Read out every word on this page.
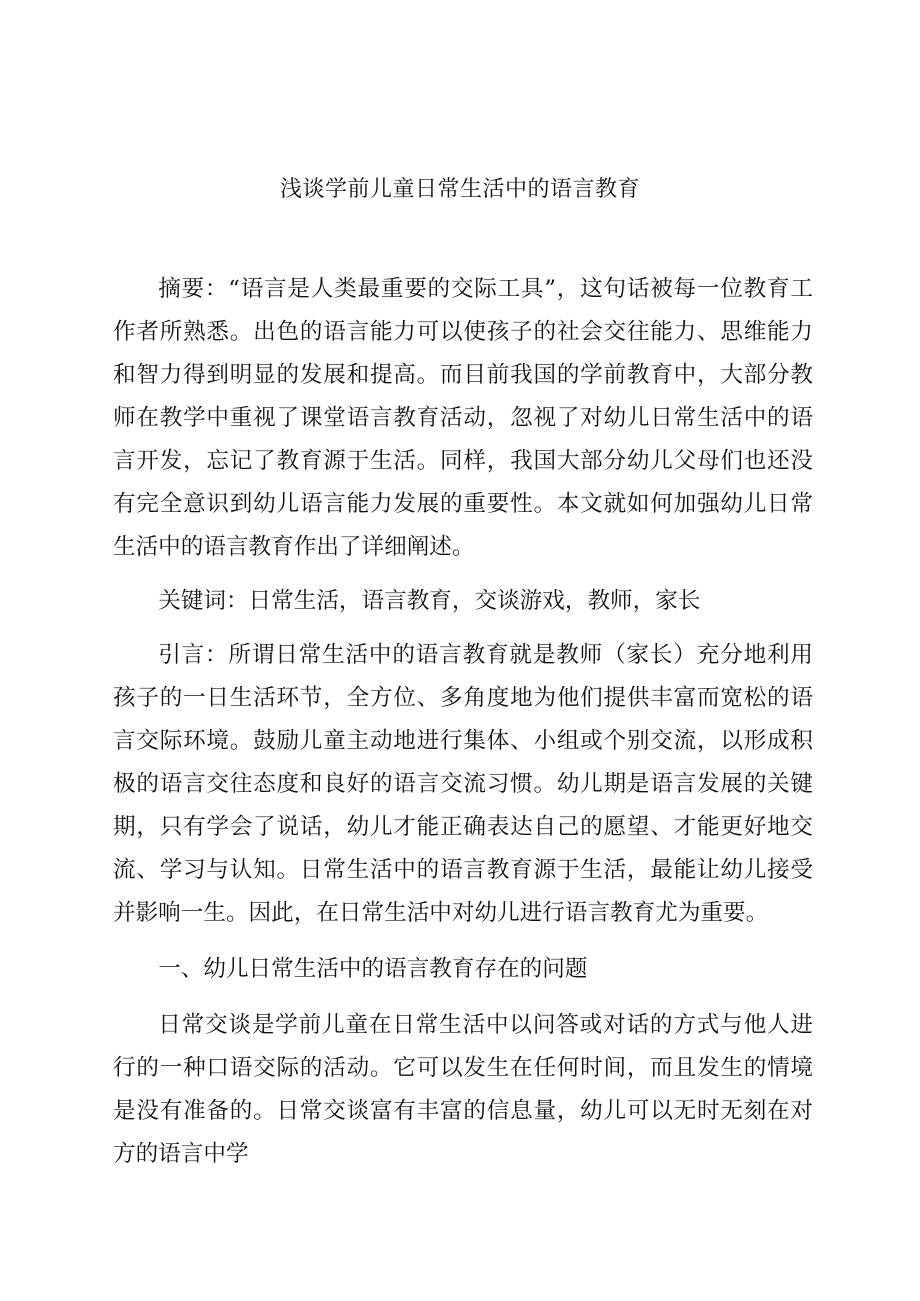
浅谈学前儿童日常生活中的语言教育

摘要：“语言是人类最重要的交际工具”，这句话被每一位教育工作者所熟悉。出色的语言能力可以使孩子的社会交往能力、思维能力和智力得到明显的发展和提高。而目前我国的学前教育中，大部分教师在教学中重视了课堂语言教育活动，忽视了对幼儿日常生活中的语言开发，忘记了教育源于生活。同样，我国大部分幼儿父母们也还没有完全意识到幼儿语言能力发展的重要性。本文就如何加强幼儿日常生活中的语言教育作出了详细阐述。

关键词：日常生活，语言教育，交谈游戏，教师，家长

引言：所谓日常生活中的语言教育就是教师（家长）充分地利用孩子的一日生活环节，全方位、多角度地为他们提供丰富而宽松的语言交际环境。鼓励儿童主动地进行集体、小组或个别交流，以形成积极的语言交往态度和良好的语言交流习惯。幼儿期是语言发展的关键期，只有学会了说话，幼儿才能正确表达自己的愿望、才能更好地交流、学习与认知。日常生活中的语言教育源于生活，最能让幼儿接受并影响一生。因此，在日常生活中对幼儿进行语言教育尤为重要。

一、幼儿日常生活中的语言教育存在的问题

日常交谈是学前儿童在日常生活中以问答或对话的方式与他人进行的一种口语交际的活动。它可以发生在任何时间，而且发生的情境是没有准备的。日常交谈富有丰富的信息量，幼儿可以无时无刻在对方的语言中学
